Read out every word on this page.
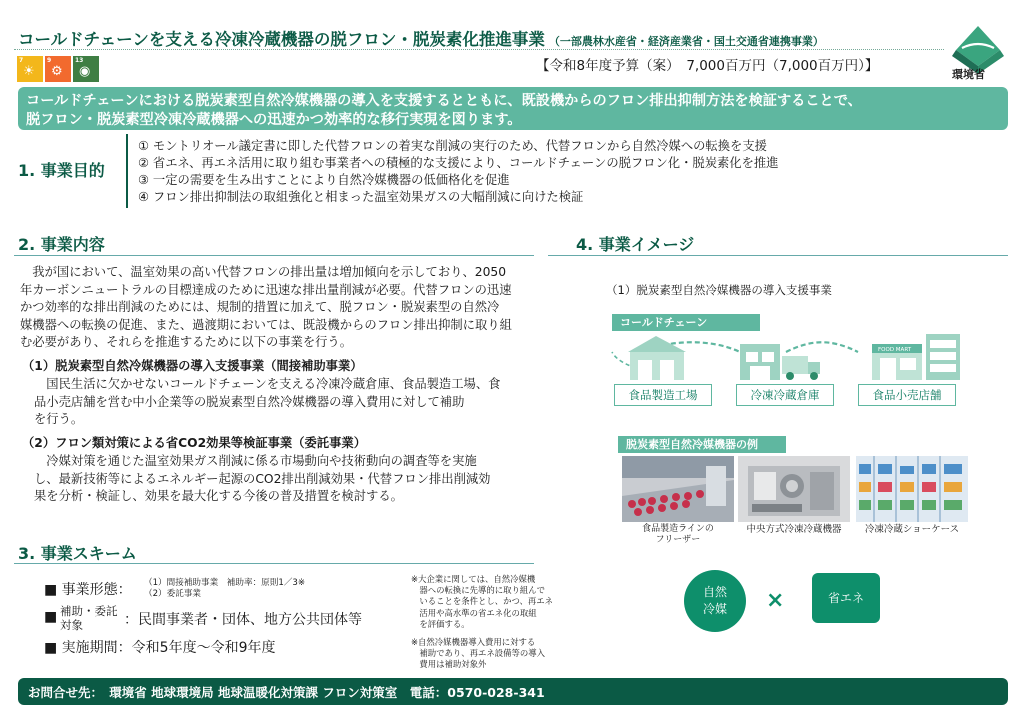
コールドチェーンを支える冷凍冷蔵機器の脱フロン・脱炭素化推進事業 （一部農林水産省・経済産業省・国土交通省連携事業）
環境省
7
☀
9
⚙
13
◉	【令和8年度予算（案）　7,000百万円（7,000百万円）】

コールドチェーンにおける脱炭素型自然冷媒機器の導入を支援するとともに、既設機からのフロン排出抑制方法を検証することで、

脱フロン・脱炭素型冷凍冷蔵機器への迅速かつ効率的な移行実現を図ります。

1. 事業目的
① モントリオール議定書に即した代替フロンの着実な削減の実行のため、代替フロンから自然冷媒への転換を支援
② 省エネ、再エネ活用に取り組む事業者への積極的な支援により、コールドチェーンの脱フロン化・脱炭素化を推進
③ 一定の需要を生み出すことにより自然冷媒機器の低価格化を促進
④ フロン排出抑制法の取組強化と相まった温室効果ガスの大幅削減に向けた検証
2. 事業内容
　我が国において、温室効果の高い代替フロンの排出量は増加傾向を示しており、2050
年カーボンニュートラルの目標達成のために迅速な排出量削減が必要。代替フロンの迅速
かつ効率的な排出削減のためには、規制的措置に加えて、脱フロン・脱炭素型の自然冷
媒機器への転換の促進、また、過渡期においては、既設機からのフロン排出抑制に取り組
む必要があり、それらを推進するために以下の事業を行う。
（1）脱炭素型自然冷媒機器の導入支援事業（間接補助事業）
　国民生活に欠かせないコールドチェーンを支える冷凍冷蔵倉庫、食品製造工場、食
品小売店舗を営む中小企業等の脱炭素型自然冷媒機器の導入費用に対して補助
を行う。
（2）フロン類対策による省CO2効果等検証事業（委託事業）
　冷媒対策を通じた温室効果ガス削減に係る市場動向や技術動向の調査等を実施
し、最新技術等によるエネルギー起源のCO2排出削減効果・代替フロン排出削減効
果を分析・検証し、効果を最大化する今後の普及措置を検討する。
3. 事業スキーム
■ 事業形態： （1）間接補助事業　補助率：原則1／3※
（2）委託事業
■ 補助・委託
対象	：民間事業者・団体、地方公共団体等
■ 実施期間：令和5年度～令和9年度
※大企業に関しては、自然冷媒機
　器への転換に先導的に取り組んで
　いることを条件とし、かつ、再エネ
　活用や高水準の省エネ化の取組
　を評価する。
※自然冷媒機器導入費用に対する
　補助であり、再エネ設備等の導入
　費用は補助対象外
4. 事業イメージ
（1）脱炭素型自然冷媒機器の導入支援事業
コールドチェーン
FOOD MART
食品製造工場	冷凍冷蔵倉庫	食品小売店舗
脱炭素型自然冷媒機器の例
食品製造ラインの
フリーザー
中央方式冷凍冷蔵機器	冷凍冷蔵ショーケース
自然
冷媒	×	省エネ

お問合せ先：　環境省 地球環境局 地球温暖化対策課 フロン対策室　電話：0570-028-341
